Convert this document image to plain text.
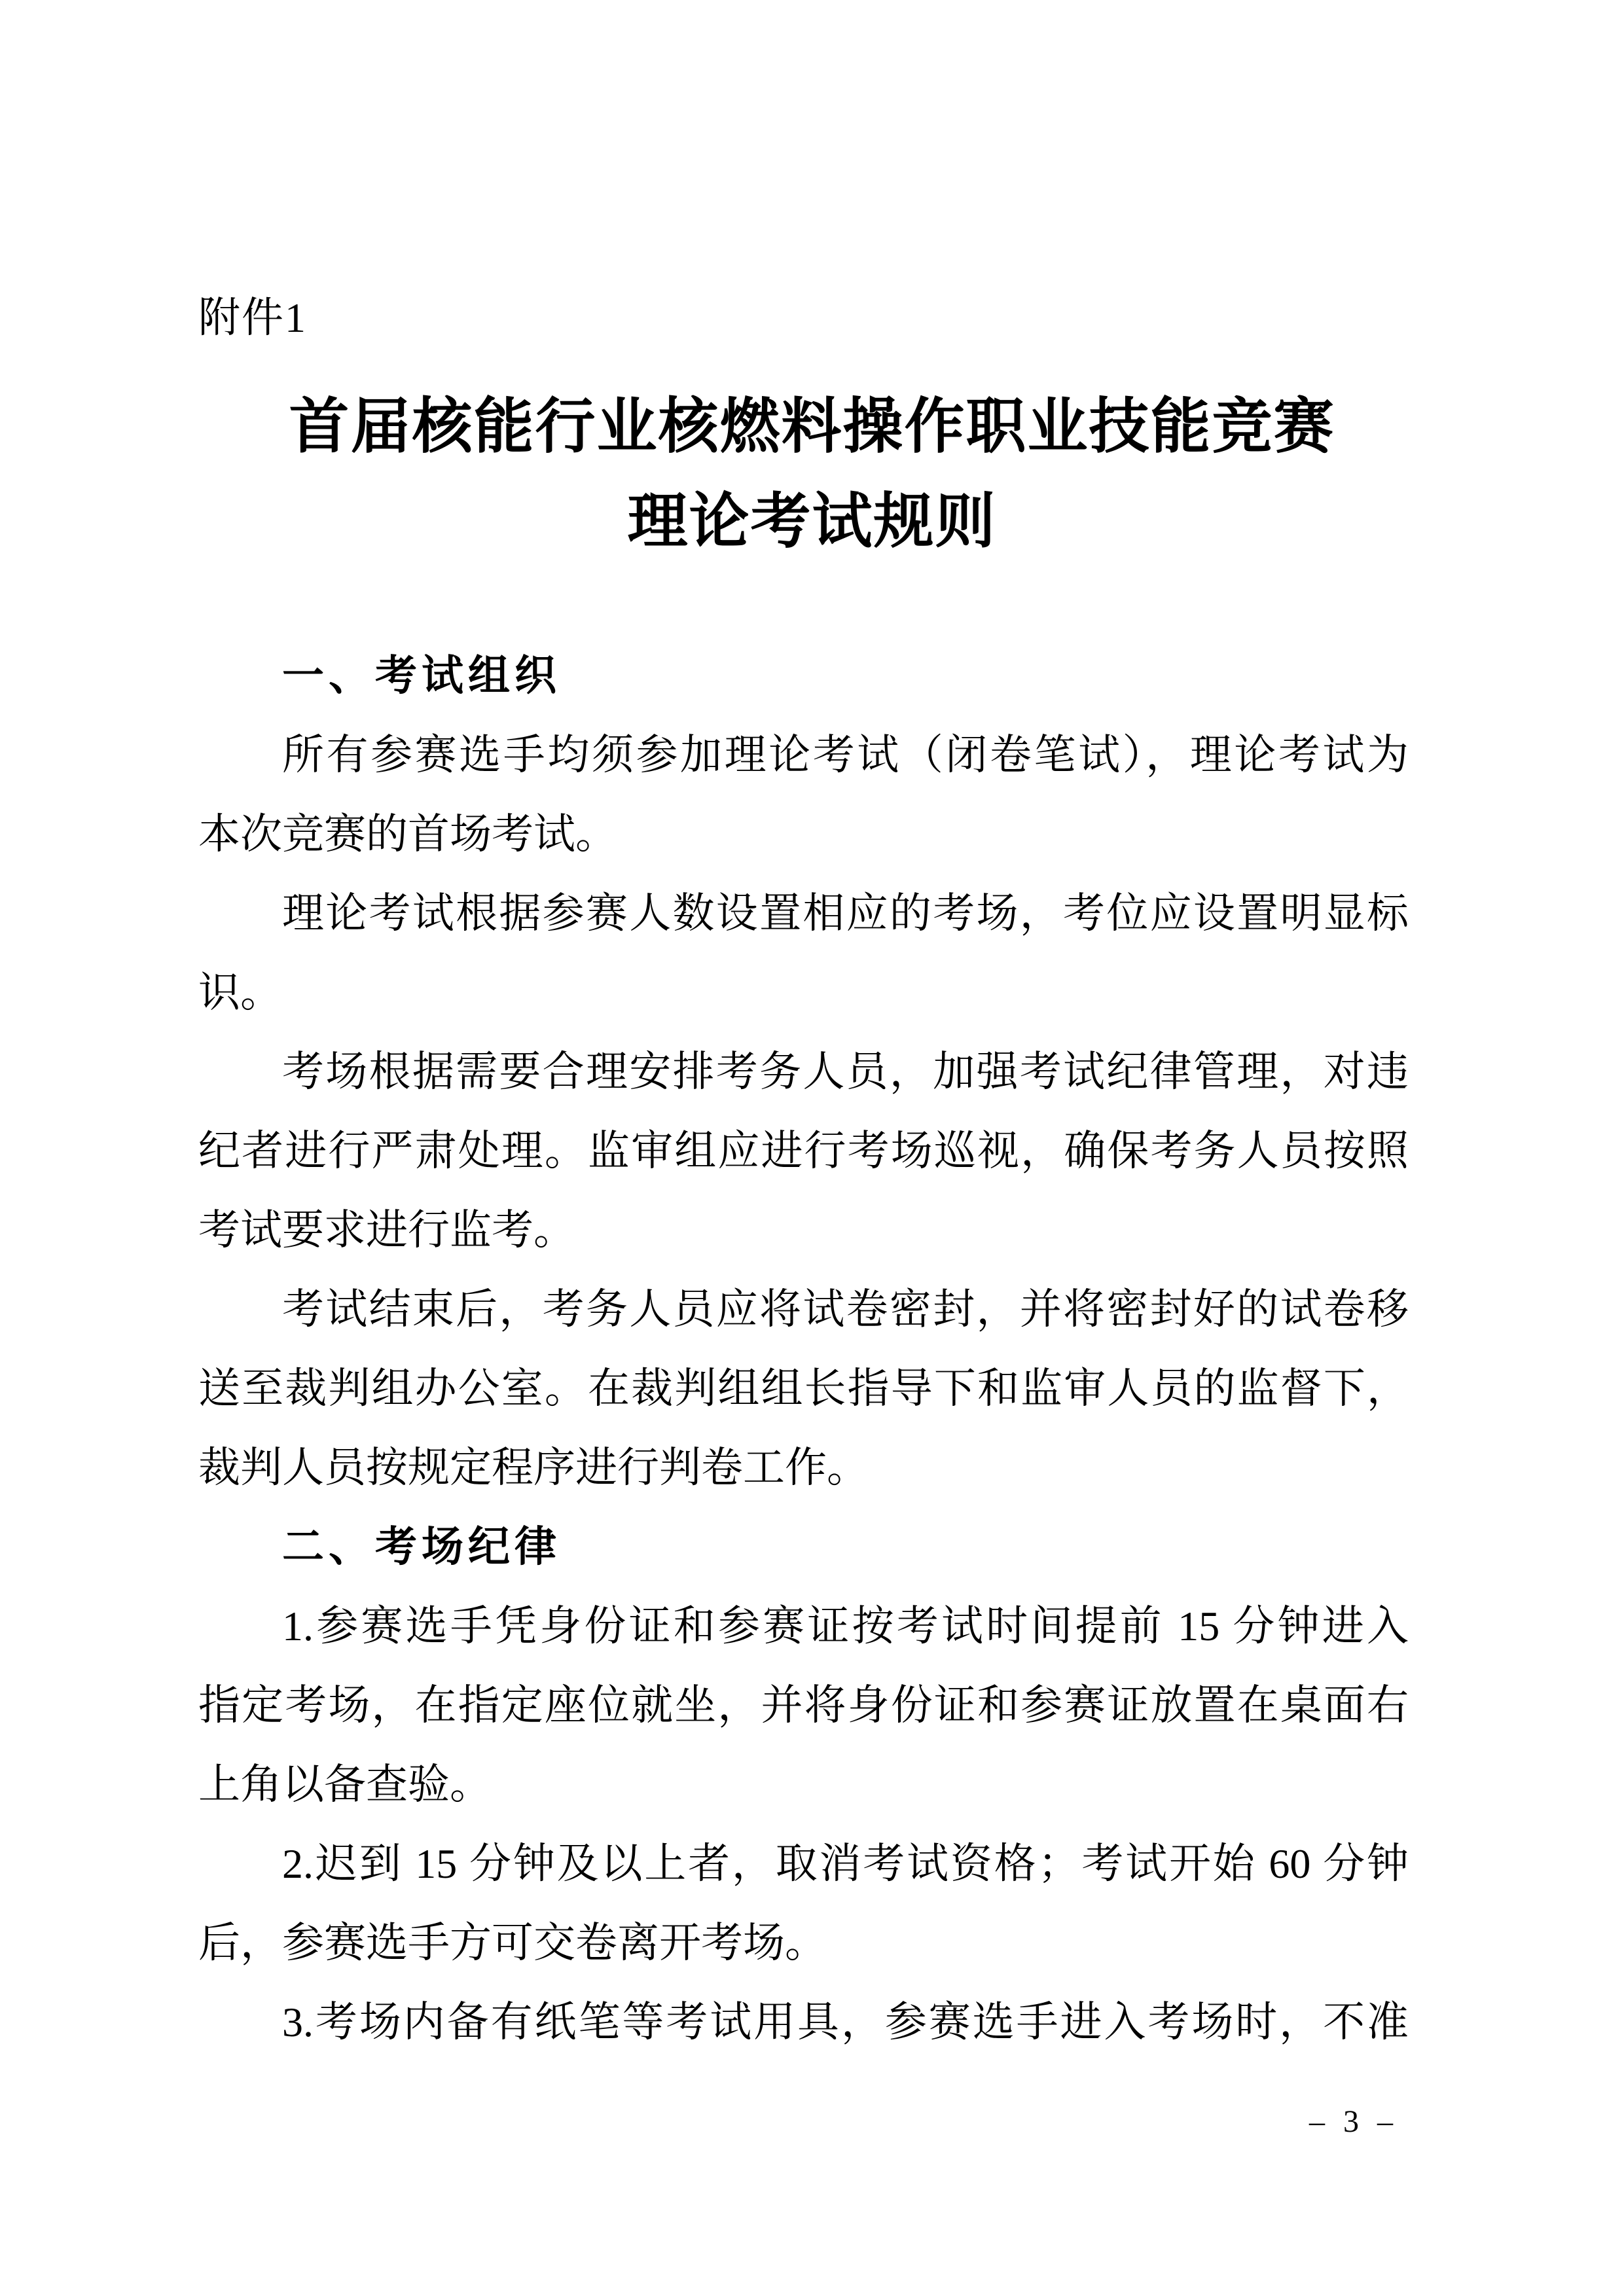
附件1
首届核能行业核燃料操作职业技能竞赛
理论考试规则
一、考试组织
所有参赛选手均须参加理论考试（闭卷笔试），理论考试为
本次竞赛的首场考试。
理论考试根据参赛人数设置相应的考场，考位应设置明显标
识。
考场根据需要合理安排考务人员，加强考试纪律管理，对违
纪者进行严肃处理。监审组应进行考场巡视，确保考务人员按照
考试要求进行监考。
考试结束后，考务人员应将试卷密封，并将密封好的试卷移
送至裁判组办公室。在裁判组组长指导下和监审人员的监督下，
裁判人员按规定程序进行判卷工作。
二、考场纪律
1.参赛选手凭身份证和参赛证按考试时间提前 15 分钟进入
指定考场，在指定座位就坐，并将身份证和参赛证放置在桌面右
上角以备查验。
2.迟到 15 分钟及以上者，取消考试资格；考试开始 60 分钟
后，参赛选手方可交卷离开考场。
3.考场内备有纸笔等考试用具，参赛选手进入考场时，不准
– 3 –
